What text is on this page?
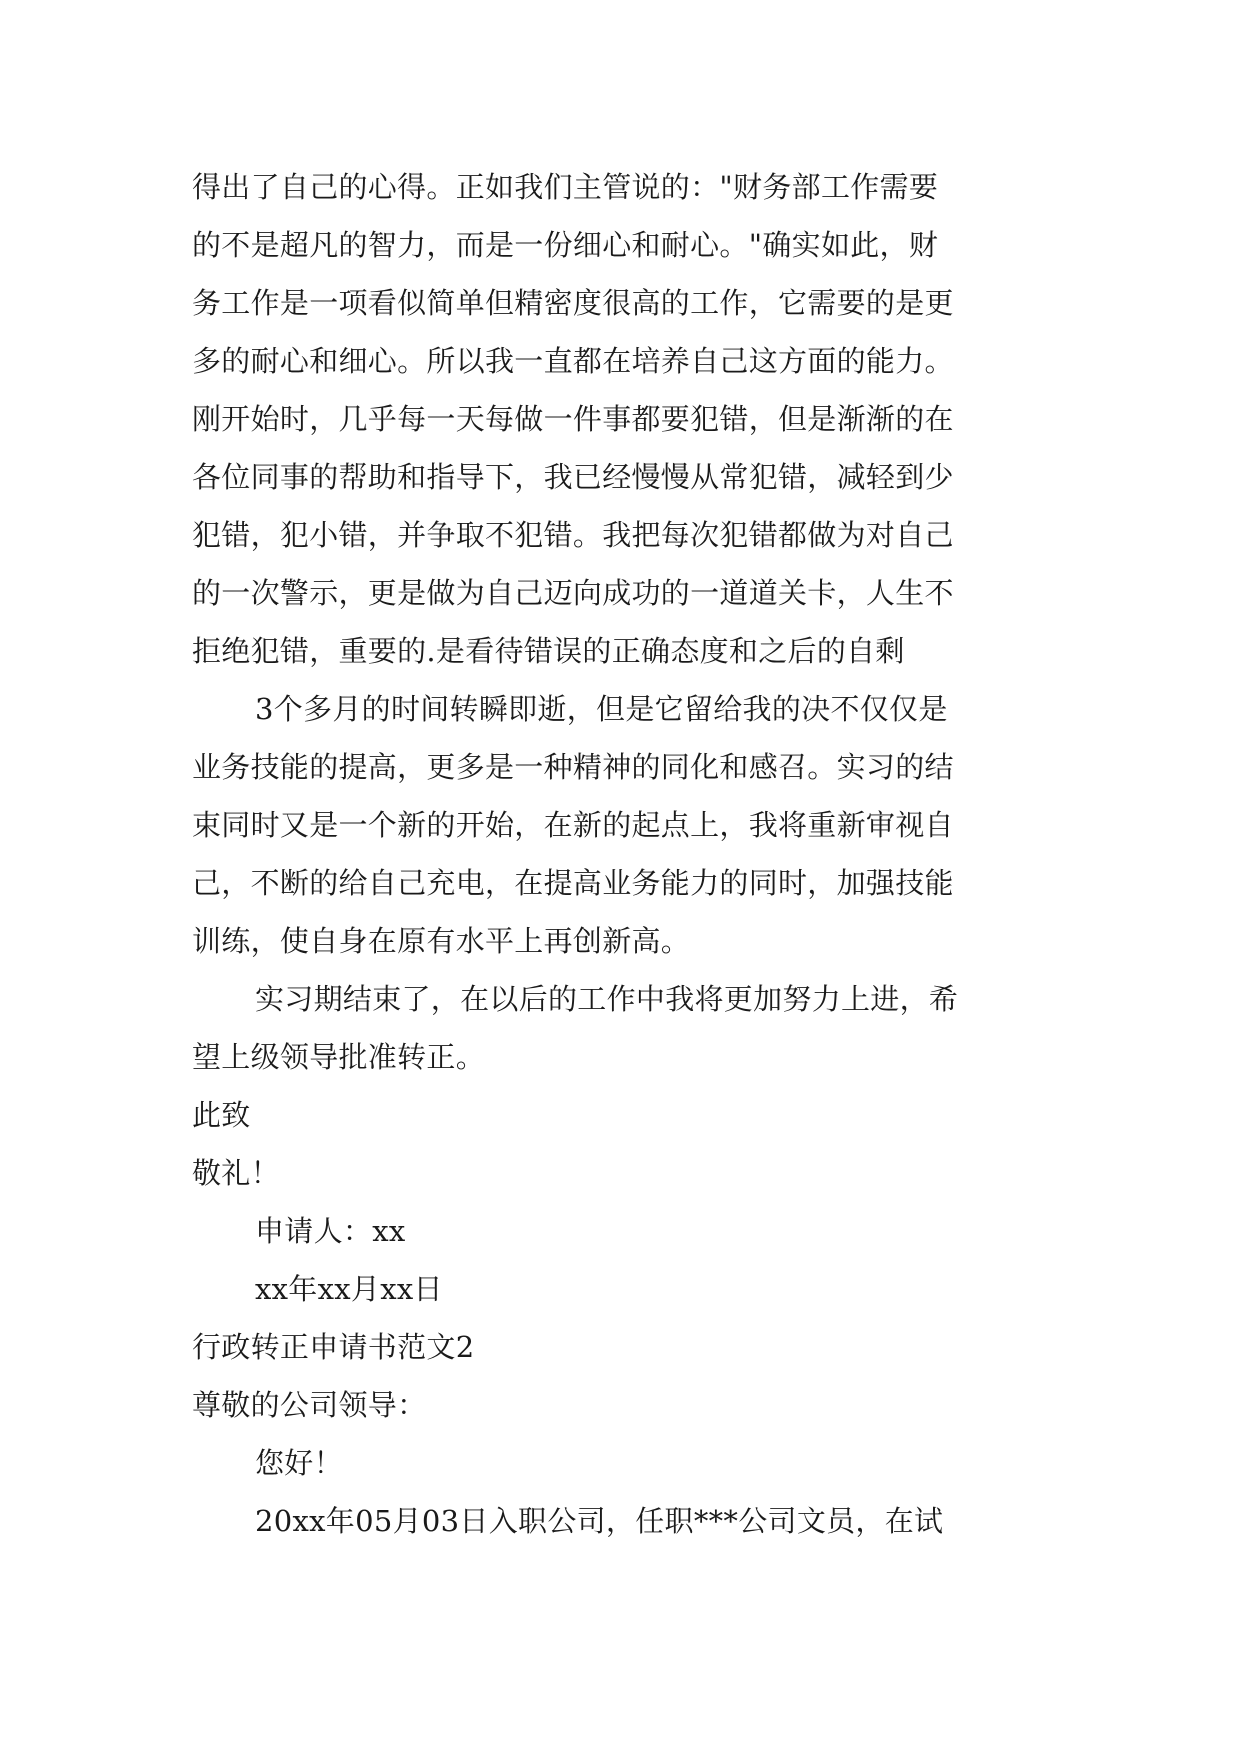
得出了自己的心得。正如我们主管说的："财务部工作需要
的不是超凡的智力，而是一份细心和耐心。"确实如此，财
务工作是一项看似简单但精密度很高的工作，它需要的是更
多的耐心和细心。所以我一直都在培养自己这方面的能力。
刚开始时，几乎每一天每做一件事都要犯错，但是渐渐的在
各位同事的帮助和指导下，我已经慢慢从常犯错，减轻到少
犯错，犯小错，并争取不犯错。我把每次犯错都做为对自己
的一次警示，更是做为自己迈向成功的一道道关卡，人生不
拒绝犯错，重要的.是看待错误的正确态度和之后的自剩
3个多月的时间转瞬即逝，但是它留给我的决不仅仅是
业务技能的提高，更多是一种精神的同化和感召。实习的结
束同时又是一个新的开始，在新的起点上，我将重新审视自
己，不断的给自己充电，在提高业务能力的同时，加强技能
训练，使自身在原有水平上再创新高。
实习期结束了，在以后的工作中我将更加努力上进，希
望上级领导批准转正。
此致
敬礼！
申请人：xx
xx年xx月xx日
行政转正申请书范文2
尊敬的公司领导：
您好！
20xx年05月03日入职公司，任职***公司文员，在试
